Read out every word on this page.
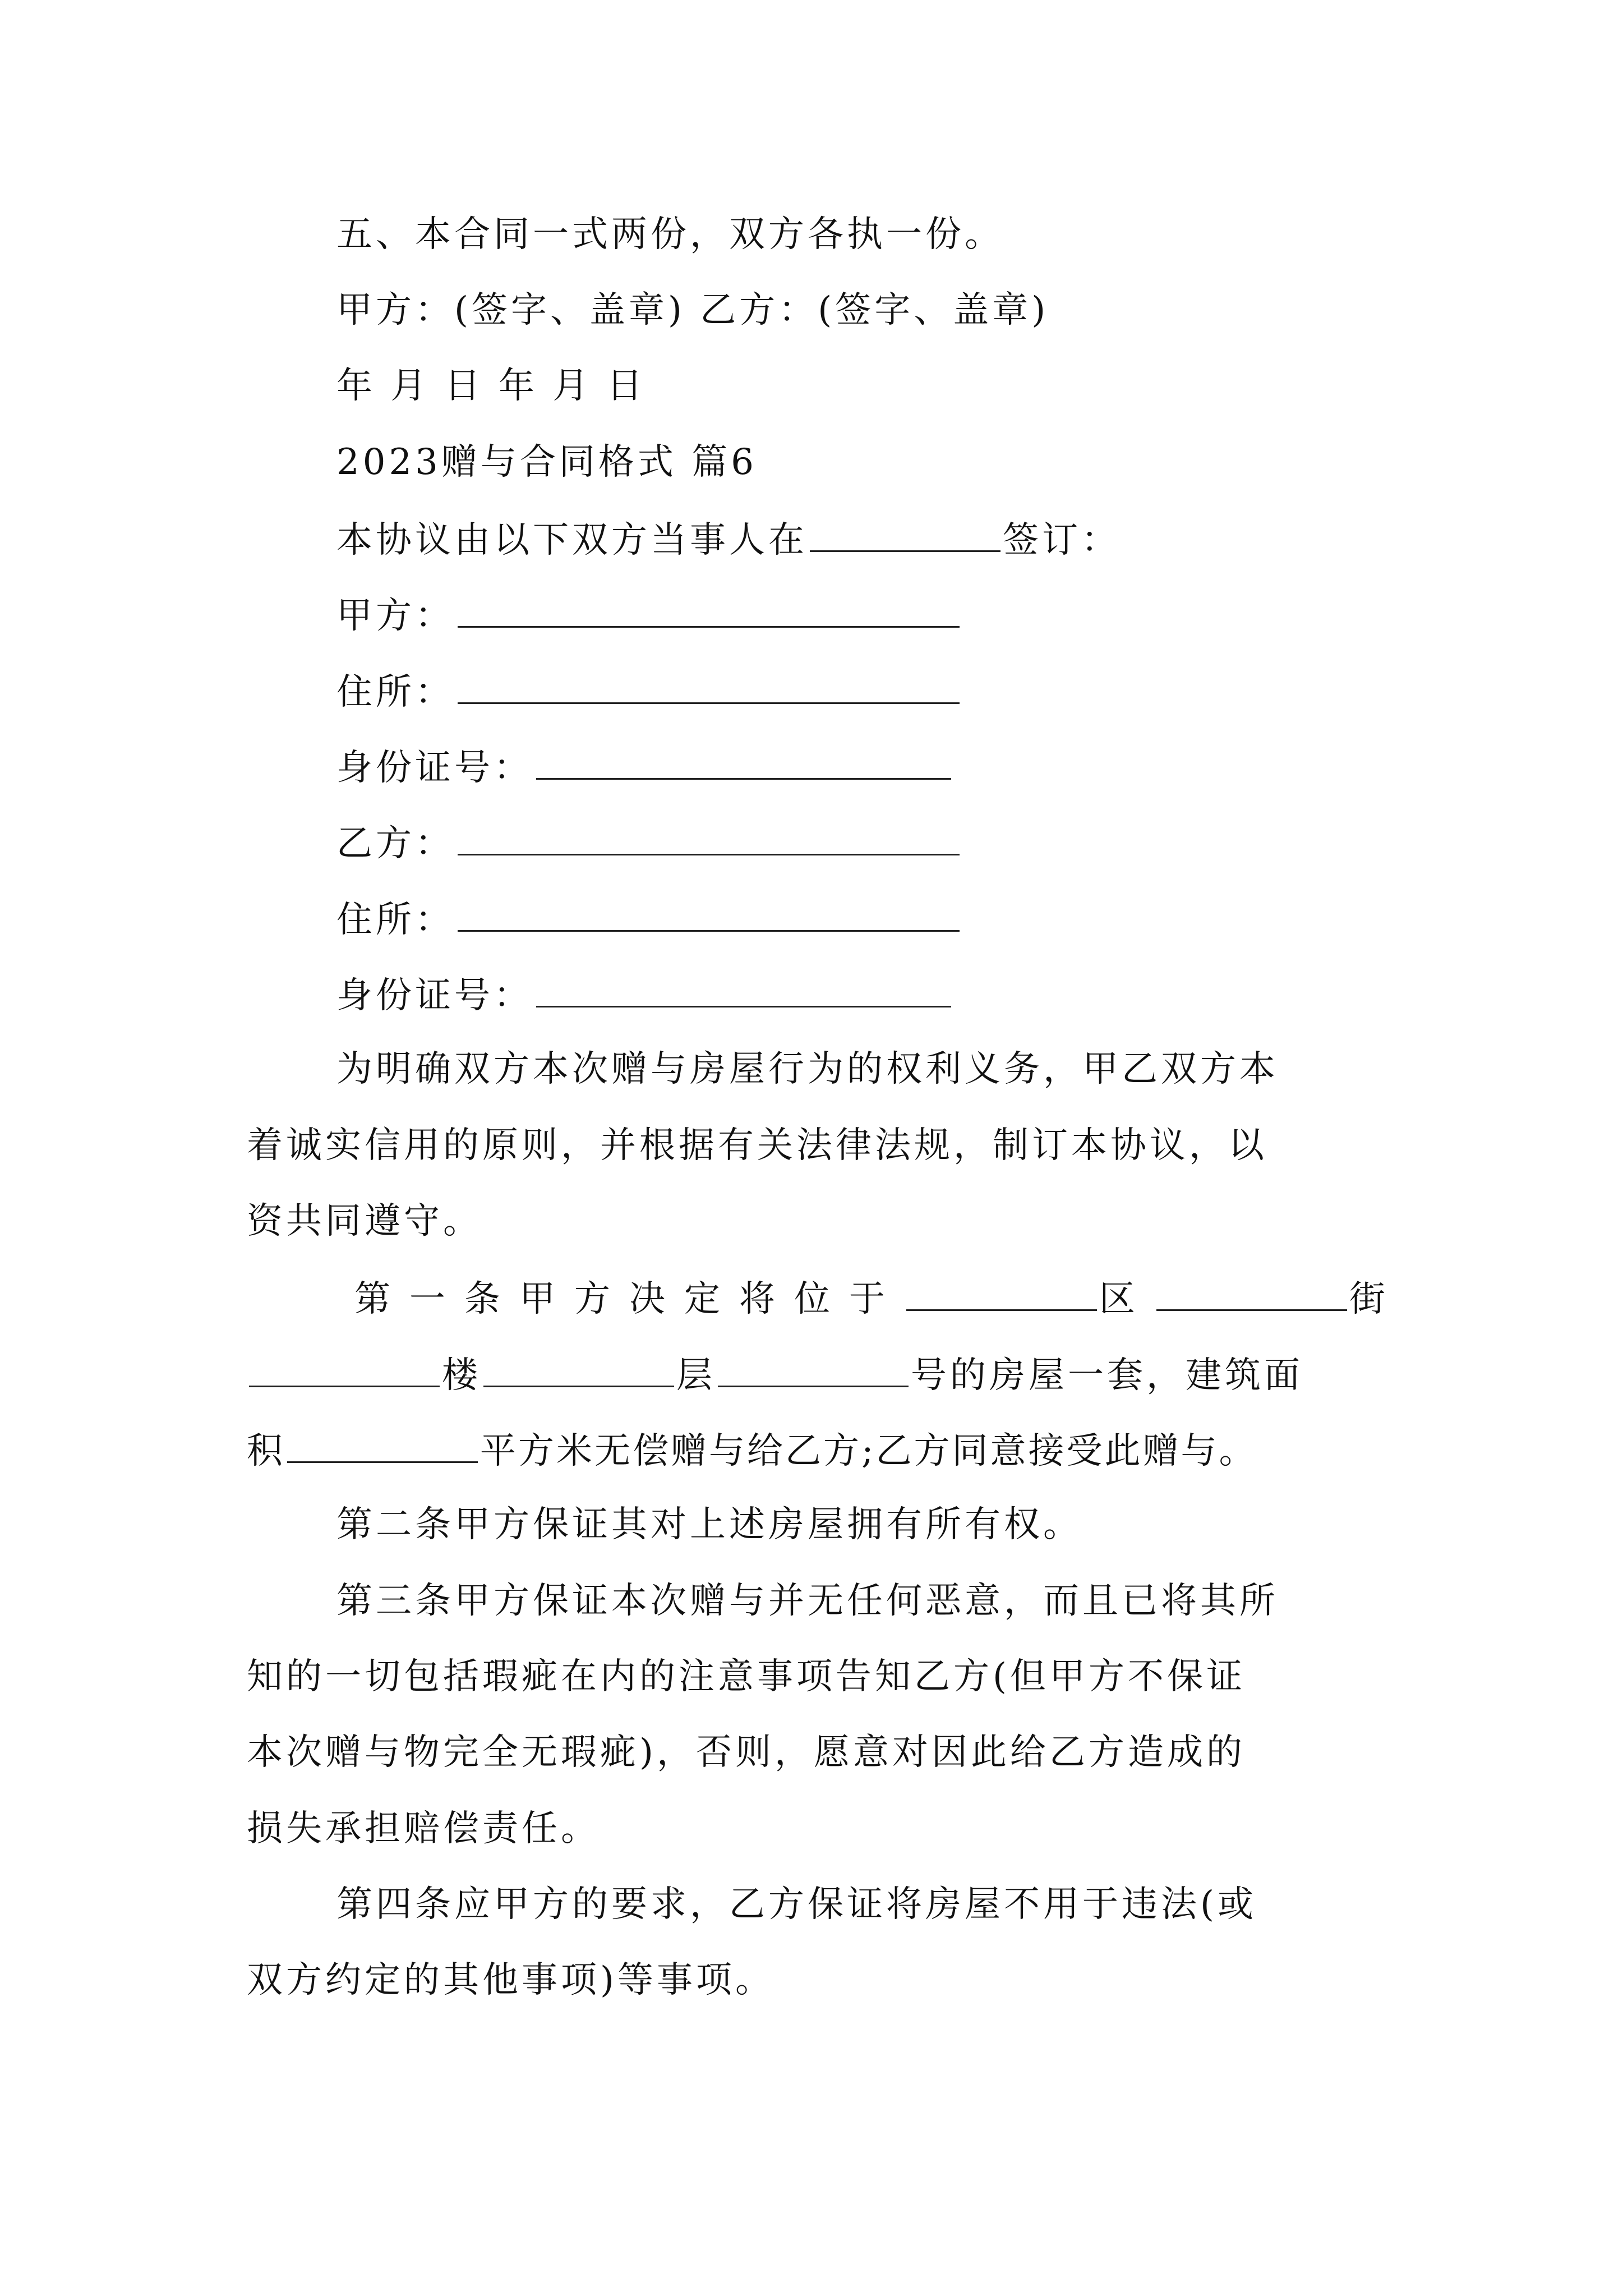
五、本合同一式两份，双方各执一份。
甲方：(签字、盖章) 乙方：(签字、盖章)
年 月 日 年 月 日
2023赠与合同格式 篇6
本协议由以下双方当事人在	签订：
甲方：
住所：
身份证号：
乙方：
住所：
身份证号：
为明确双方本次赠与房屋行为的权利义务，甲乙双方本
着诚实信用的原则，并根据有关法律法规，制订本协议，以
资共同遵守。
第一条甲方决定将位于	区	街
楼	层	号的房屋一套，建筑面
积	平方米无偿赠与给乙方;乙方同意接受此赠与。
第二条甲方保证其对上述房屋拥有所有权。
第三条甲方保证本次赠与并无任何恶意，而且已将其所
知的一切包括瑕疵在内的注意事项告知乙方(但甲方不保证
本次赠与物完全无瑕疵)，否则，愿意对因此给乙方造成的
损失承担赔偿责任。
第四条应甲方的要求，乙方保证将房屋不用于违法(或
双方约定的其他事项)等事项。
